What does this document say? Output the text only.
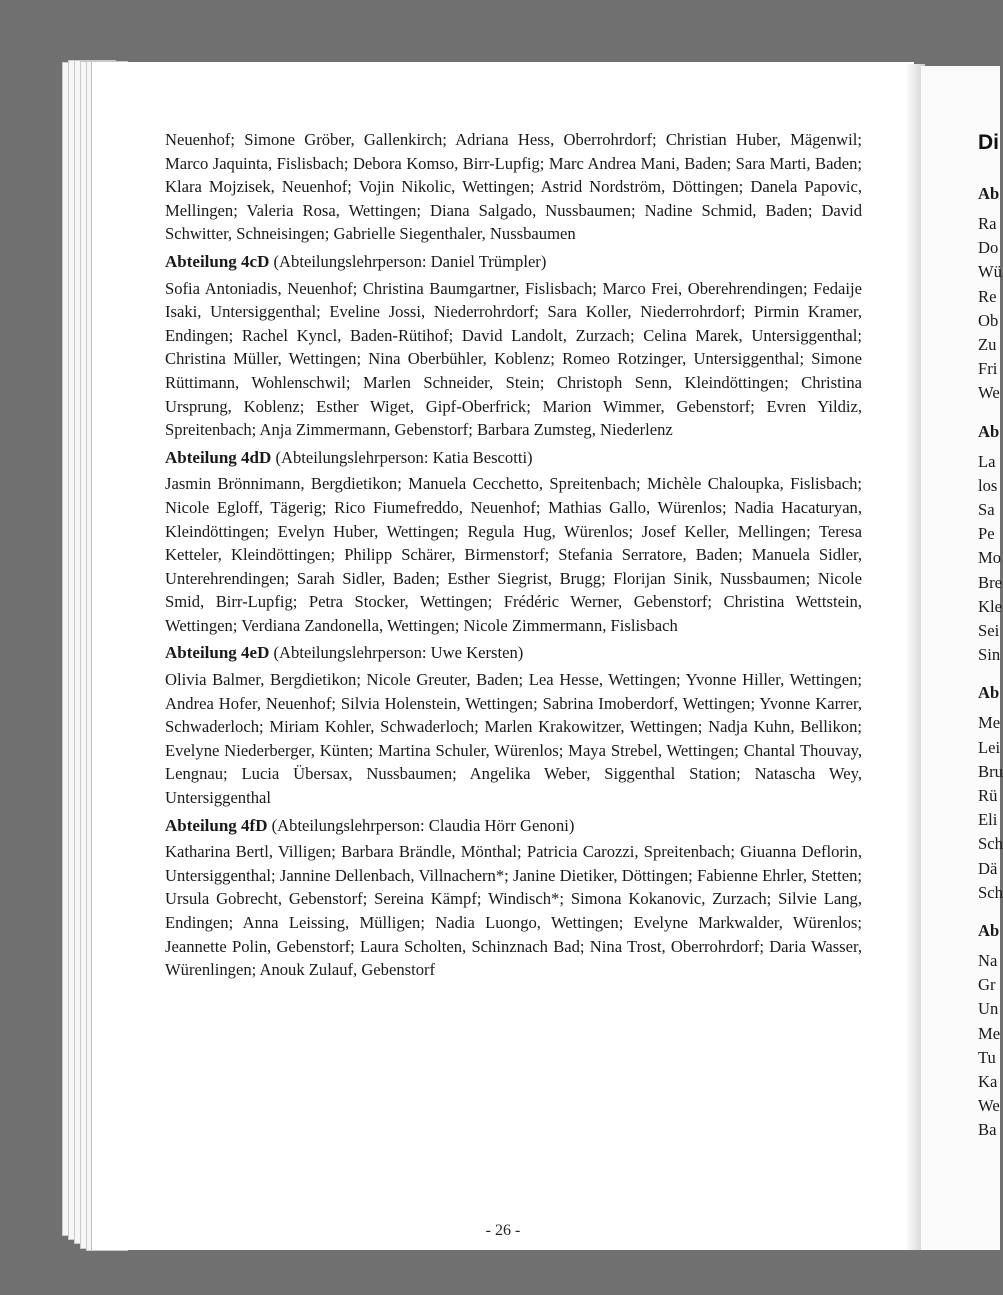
- 26 -
Di
Ab
Ra
Do
Wü
Re
Ob
Zu
Fri
We
Ab
La
los
Sa
Pe
Mo
Bre
Kle
Sei
Sin
Ab
Me
Lei
Bru
Rü
Eli
Sch
Dä
Sch
Ab
Na
Gr
Un
Me
Tu
Ka
We
Ba

Neuenhof; Simone Gröber, Gallenkirch; Adriana Hess, Oberrohrdorf; Christian Huber, Mägenwil; Marco Jaquinta, Fislisbach; Debora Komso, Birr-Lupfig; Marc Andrea Mani, Baden; Sara Marti, Baden; Klara Mojzisek, Neuenhof; Vojin Nikolic, Wettingen; Astrid Nordström, Döttingen; Danela Papovic, Mellingen; Valeria Rosa, Wettingen; Diana Salgado, Nussbaumen; Nadine Schmid, Baden; David Schwitter, Schneisingen; Gabrielle Siegenthaler, Nussbaumen

Abteilung 4cD (Abteilungslehrperson: Daniel Trümpler)

Sofia Antoniadis, Neuenhof; Christina Baumgartner, Fislisbach; Marco Frei, Oberehrendingen; Fedaije Isaki, Untersiggenthal; Eveline Jossi, Niederrohrdorf; Sara Koller, Niederrohrdorf; Pirmin Kramer, Endingen; Rachel Kyncl, Baden-Rütihof; David Landolt, Zurzach; Celina Marek, Untersiggenthal; Christina Müller, Wettingen; Nina Oberbühler, Koblenz; Romeo Rotzinger, Untersiggenthal; Simone Rüttimann, Wohlenschwil; Marlen Schneider, Stein; Christoph Senn, Kleindöttingen; Christina Ursprung, Koblenz; Esther Wiget, Gipf-Oberfrick; Marion Wimmer, Gebenstorf; Evren Yildiz, Spreitenbach; Anja Zimmermann, Gebenstorf; Barbara Zumsteg, Niederlenz

Abteilung 4dD (Abteilungslehrperson: Katia Bescotti)

Jasmin Brönnimann, Bergdietikon; Manuela Cecchetto, Spreitenbach; Michèle Chaloupka, Fislisbach; Nicole Egloff, Tägerig; Rico Fiumefreddo, Neuenhof; Mathias Gallo, Würenlos; Nadia Hacaturyan, Kleindöttingen; Evelyn Huber, Wettingen; Regula Hug, Würenlos; Josef Keller, Mellingen; Teresa Ketteler, Kleindöttingen; Philipp Schärer, Birmenstorf; Stefania Serratore, Baden; Manuela Sidler, Unterehrendingen; Sarah Sidler, Baden; Esther Siegrist, Brugg; Florijan Sinik, Nussbaumen; Nicole Smid, Birr-Lupfig; Petra Stocker, Wettingen; Frédéric Werner, Gebenstorf; Christina Wettstein, Wettingen; Verdiana Zandonella, Wettingen; Nicole Zimmermann, Fislisbach

Abteilung 4eD (Abteilungslehrperson: Uwe Kersten)

Olivia Balmer, Bergdietikon; Nicole Greuter, Baden; Lea Hesse, Wettingen; Yvonne Hiller, Wettingen; Andrea Hofer, Neuenhof; Silvia Holenstein, Wettingen; Sabrina Imoberdorf, Wettingen; Yvonne Karrer, Schwaderloch; Miriam Kohler, Schwaderloch; Marlen Krakowitzer, Wettingen; Nadja Kuhn, Bellikon; Evelyne Niederberger, Künten; Martina Schuler, Würenlos; Maya Strebel, Wettingen; Chantal Thouvay, Lengnau; Lucia Übersax, Nussbaumen; Angelika Weber, Siggenthal Station; Natascha Wey, Untersiggenthal

Abteilung 4fD (Abteilungslehrperson: Claudia Hörr Genoni)

Katharina Bertl, Villigen; Barbara Brändle, Mönthal; Patricia Carozzi, Spreitenbach; Giuanna Deflorin, Untersiggenthal; Jannine Dellenbach, Villnachern*; Janine Dietiker, Döttingen; Fabienne Ehrler, Stetten; Ursula Gobrecht, Gebenstorf; Sereina Kämpf; Windisch*; Simona Kokanovic, Zurzach; Silvie Lang, Endingen; Anna Leissing, Mülligen; Nadia Luongo, Wettingen; Evelyne Markwalder, Würenlos; Jeannette Polin, Gebenstorf; Laura Scholten, Schinznach Bad; Nina Trost, Oberrohrdorf; Daria Wasser, Würenlingen; Anouk Zulauf, Gebenstorf
